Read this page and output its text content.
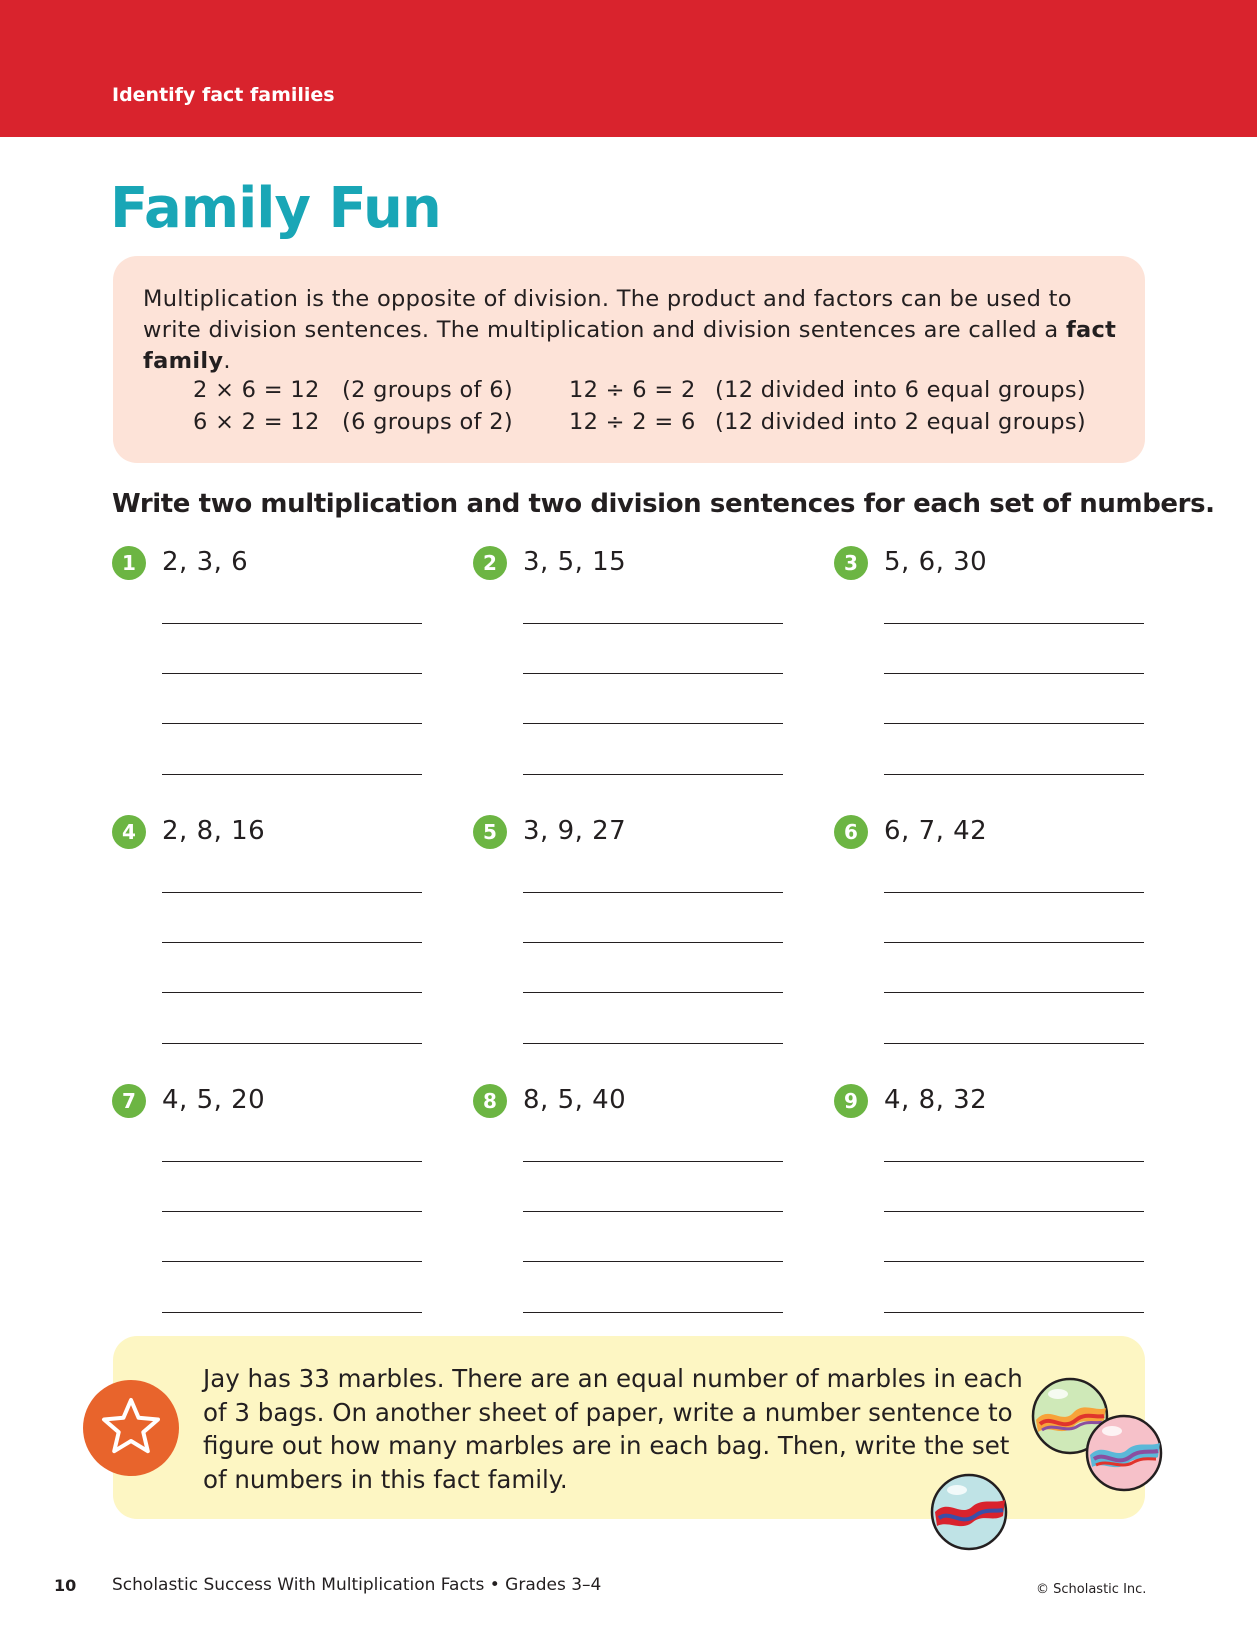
Identify fact families
Family Fun
Multiplication is the opposite of division. The product and factors can be used to write division sentences. The multiplication and division sentences are called a fact family.
2 × 6 = 12 (2 groups of 6) 12 ÷ 6 = 2 (12 divided into 6 equal groups)
6 × 2 = 12 (6 groups of 2) 12 ÷ 2 = 6 (12 divided into 2 equal groups)
Write two multiplication and two division sentences for each set of numbers.
1	2, 3, 6	2	3, 5, 15	3	5, 6, 30
4	2, 8, 16	5	3, 9, 27	6	6, 7, 42
7	4, 5, 20	8	8, 5, 40	9	4, 8, 32
Jay has 33 marbles. There are an equal number of marbles in each of 3 bags. On another sheet of paper, write a number sentence to figure out how many marbles are in each bag. Then, write the set of numbers in this fact family.
10 Scholastic Success With Multiplication Facts • Grades 3–4	© Scholastic Inc.
